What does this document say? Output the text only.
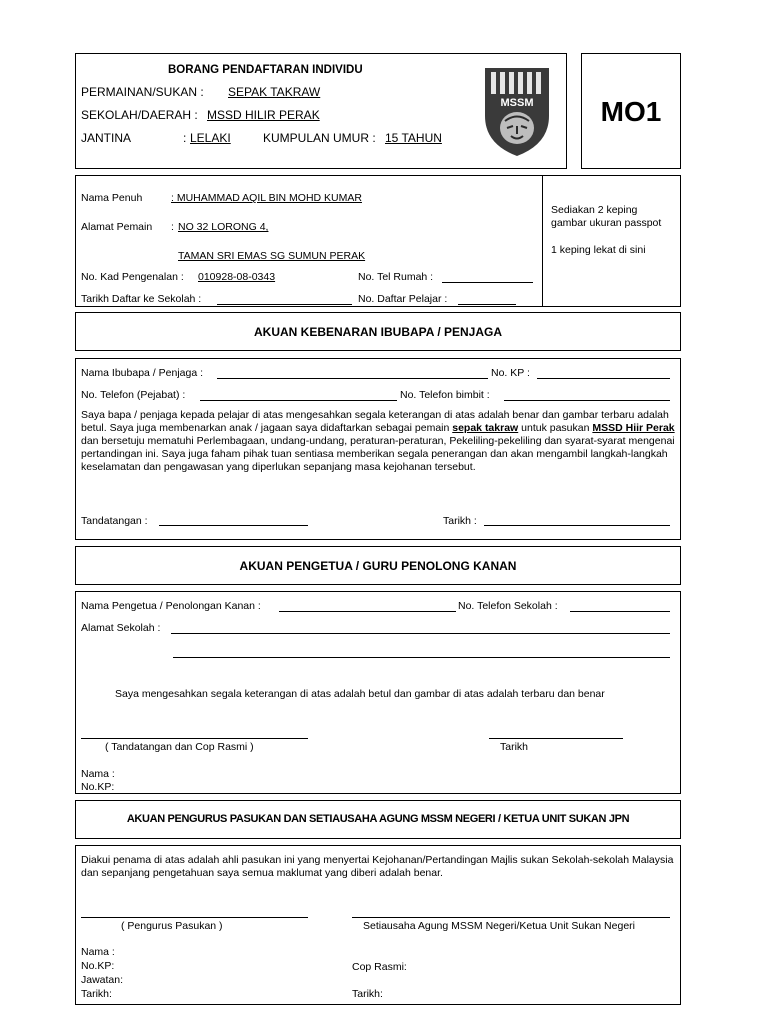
BORANG PENDAFTARAN INDIVIDU
PERMAINAN/SUKAN : SEPAK TAKRAW
SEKOLAH/DAERAH : MSSD HILIR PERAK
JANTINA	: LELAKI	KUMPULAN UMUR : 15 TAHUN
MSSM	MO1
Nama Penuh	: MUHAMMAD AQIL BIN MOHD KUMAR
Alamat Pemain : NO 32 LORONG 4,
TAMAN SRI EMAS SG SUMUN PERAK
No. Kad Pengenalan : 010928-08-0343	No. Tel Rumah :
Tarikh Daftar ke Sekolah :	No. Daftar Pelajar :
Sediakan 2 keping
gambar ukuran passpot
1 keping lekat di sini
AKUAN KEBENARAN IBUBAPA / PENJAGA
Nama Ibubapa / Penjaga :	No. KP :
No. Telefon (Pejabat) :	No. Telefon bimbit :
Saya bapa / penjaga kepada pelajar di atas mengesahkan segala keterangan di atas adalah benar dan gambar terbaru adalah betul. Saya juga membenarkan anak / jagaan saya didaftarkan sebagai pemain sepak takraw untuk pasukan MSSD Hiir Perak dan bersetuju mematuhi Perlembagaan, undang-undang, peraturan-peraturan, Pekeliling-pekeliling dan syarat-syarat mengenai pertandingan ini. Saya juga faham pihak tuan sentiasa memberikan segala penerangan dan akan mengambil langkah-langkah keselamatan dan pengawasan yang diperlukan sepanjang masa kejohanan tersebut.
Tandatangan :	Tarikh :
AKUAN PENGETUA / GURU PENOLONG KANAN
Nama Pengetua / Penolongan Kanan :	No. Telefon Sekolah :
Alamat Sekolah :
Saya mengesahkan segala keterangan di atas adalah betul dan gambar di atas adalah terbaru dan benar
( Tandatangan dan Cop Rasmi )	Tarikh
Nama :
No.KP:
AKUAN PENGURUS PASUKAN DAN SETIAUSAHA AGUNG MSSM NEGERI / KETUA UNIT SUKAN JPN
Diakui penama di atas adalah ahli pasukan ini yang menyertai Kejohanan/Pertandingan Majlis sukan Sekolah-sekolah Malaysia dan sepanjang pengetahuan saya semua maklumat yang diberi adalah benar.
( Pengurus Pasukan )	Setiausaha Agung MSSM Negeri/Ketua Unit Sukan Negeri
Nama :
No.KP:
Jawatan:
Tarikh:
Cop Rasmi:
Tarikh:
